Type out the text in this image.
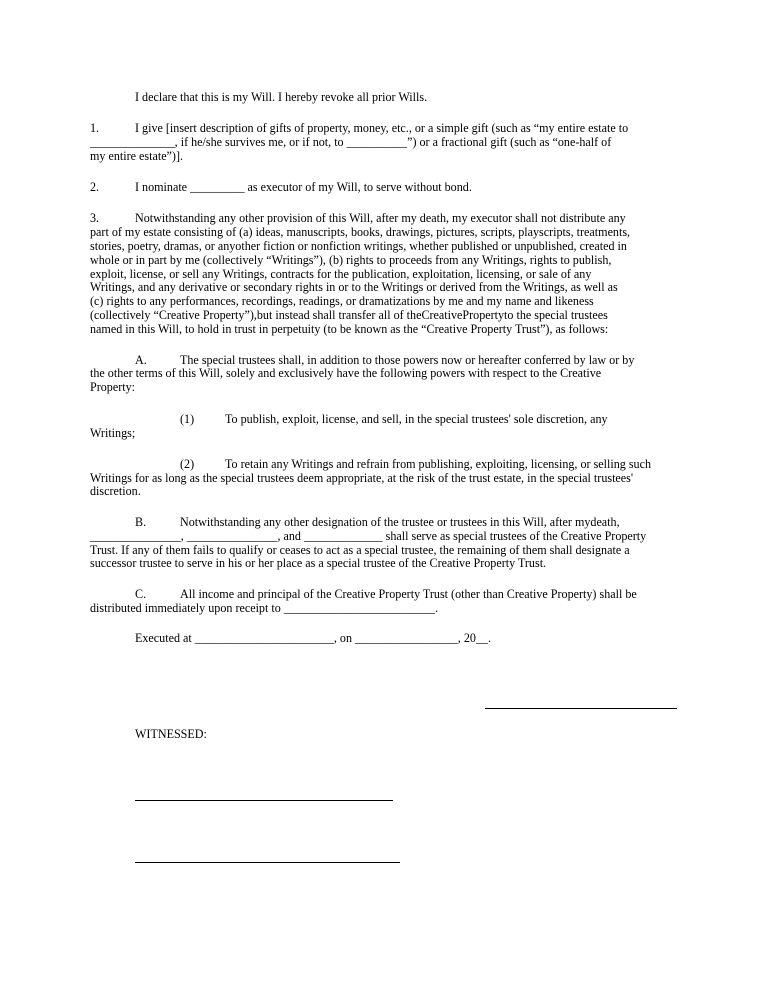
I declare that this is my Will. I hereby revoke all prior Wills.
1.	I give [insert description of gifts of property, money, etc., or a simple gift (such as “my entire estate to
______________, if he/she survives me, or if not, to __________”) or a fractional gift (such as “one-half of
my entire estate”)].
2.	I nominate _________ as executor of my Will, to serve without bond.
3.	Notwithstanding any other provision of this Will, after my death, my executor shall not distribute any
part of my estate consisting of (a) ideas, manuscripts, books, drawings, pictures, scripts, playscripts, treatments,
stories, poetry, dramas, or anyother fiction or nonfiction writings, whether published or unpublished, created in
whole or in part by me (collectively “Writings”), (b) rights to proceeds from any Writings, rights to publish,
exploit, license, or sell any Writings, contracts for the publication, exploitation, licensing, or sale of any
Writings, and any derivative or secondary rights in or to the Writings or derived from the Writings, as well as
(c) rights to any performances, recordings, readings, or dramatizations by me and my name and likeness
(collectively “Creative Property”),but instead shall transfer all of theCreativePropertyto the special trustees
named in this Will, to hold in trust in perpetuity (to be known as the “Creative Property Trust”), as follows:
A.	The special trustees shall, in addition to those powers now or hereafter conferred by law or by
the other terms of this Will, solely and exclusively have the following powers with respect to the Creative
Property:
(1)	To publish, exploit, license, and sell, in the special trustees' sole discretion, any
Writings;
(2)	To retain any Writings and refrain from publishing, exploiting, licensing, or selling such
Writings for as long as the special trustees deem appropriate, at the risk of the trust estate, in the special trustees'
discretion.
B.	Notwithstanding any other designation of the trustee or trustees in this Will, after mydeath,
_______________, _______________, and _____________ shall serve as special trustees of the Creative Property
Trust. If any of them fails to qualify or ceases to act as a special trustee, the remaining of them shall designate a
successor trustee to serve in his or her place as a special trustee of the Creative Property Trust.
C.	All income and principal of the Creative Property Trust (other than Creative Property) shall be
distributed immediately upon receipt to _________________________.
Executed at _______________________, on _________________, 20__.
WITNESSED:
